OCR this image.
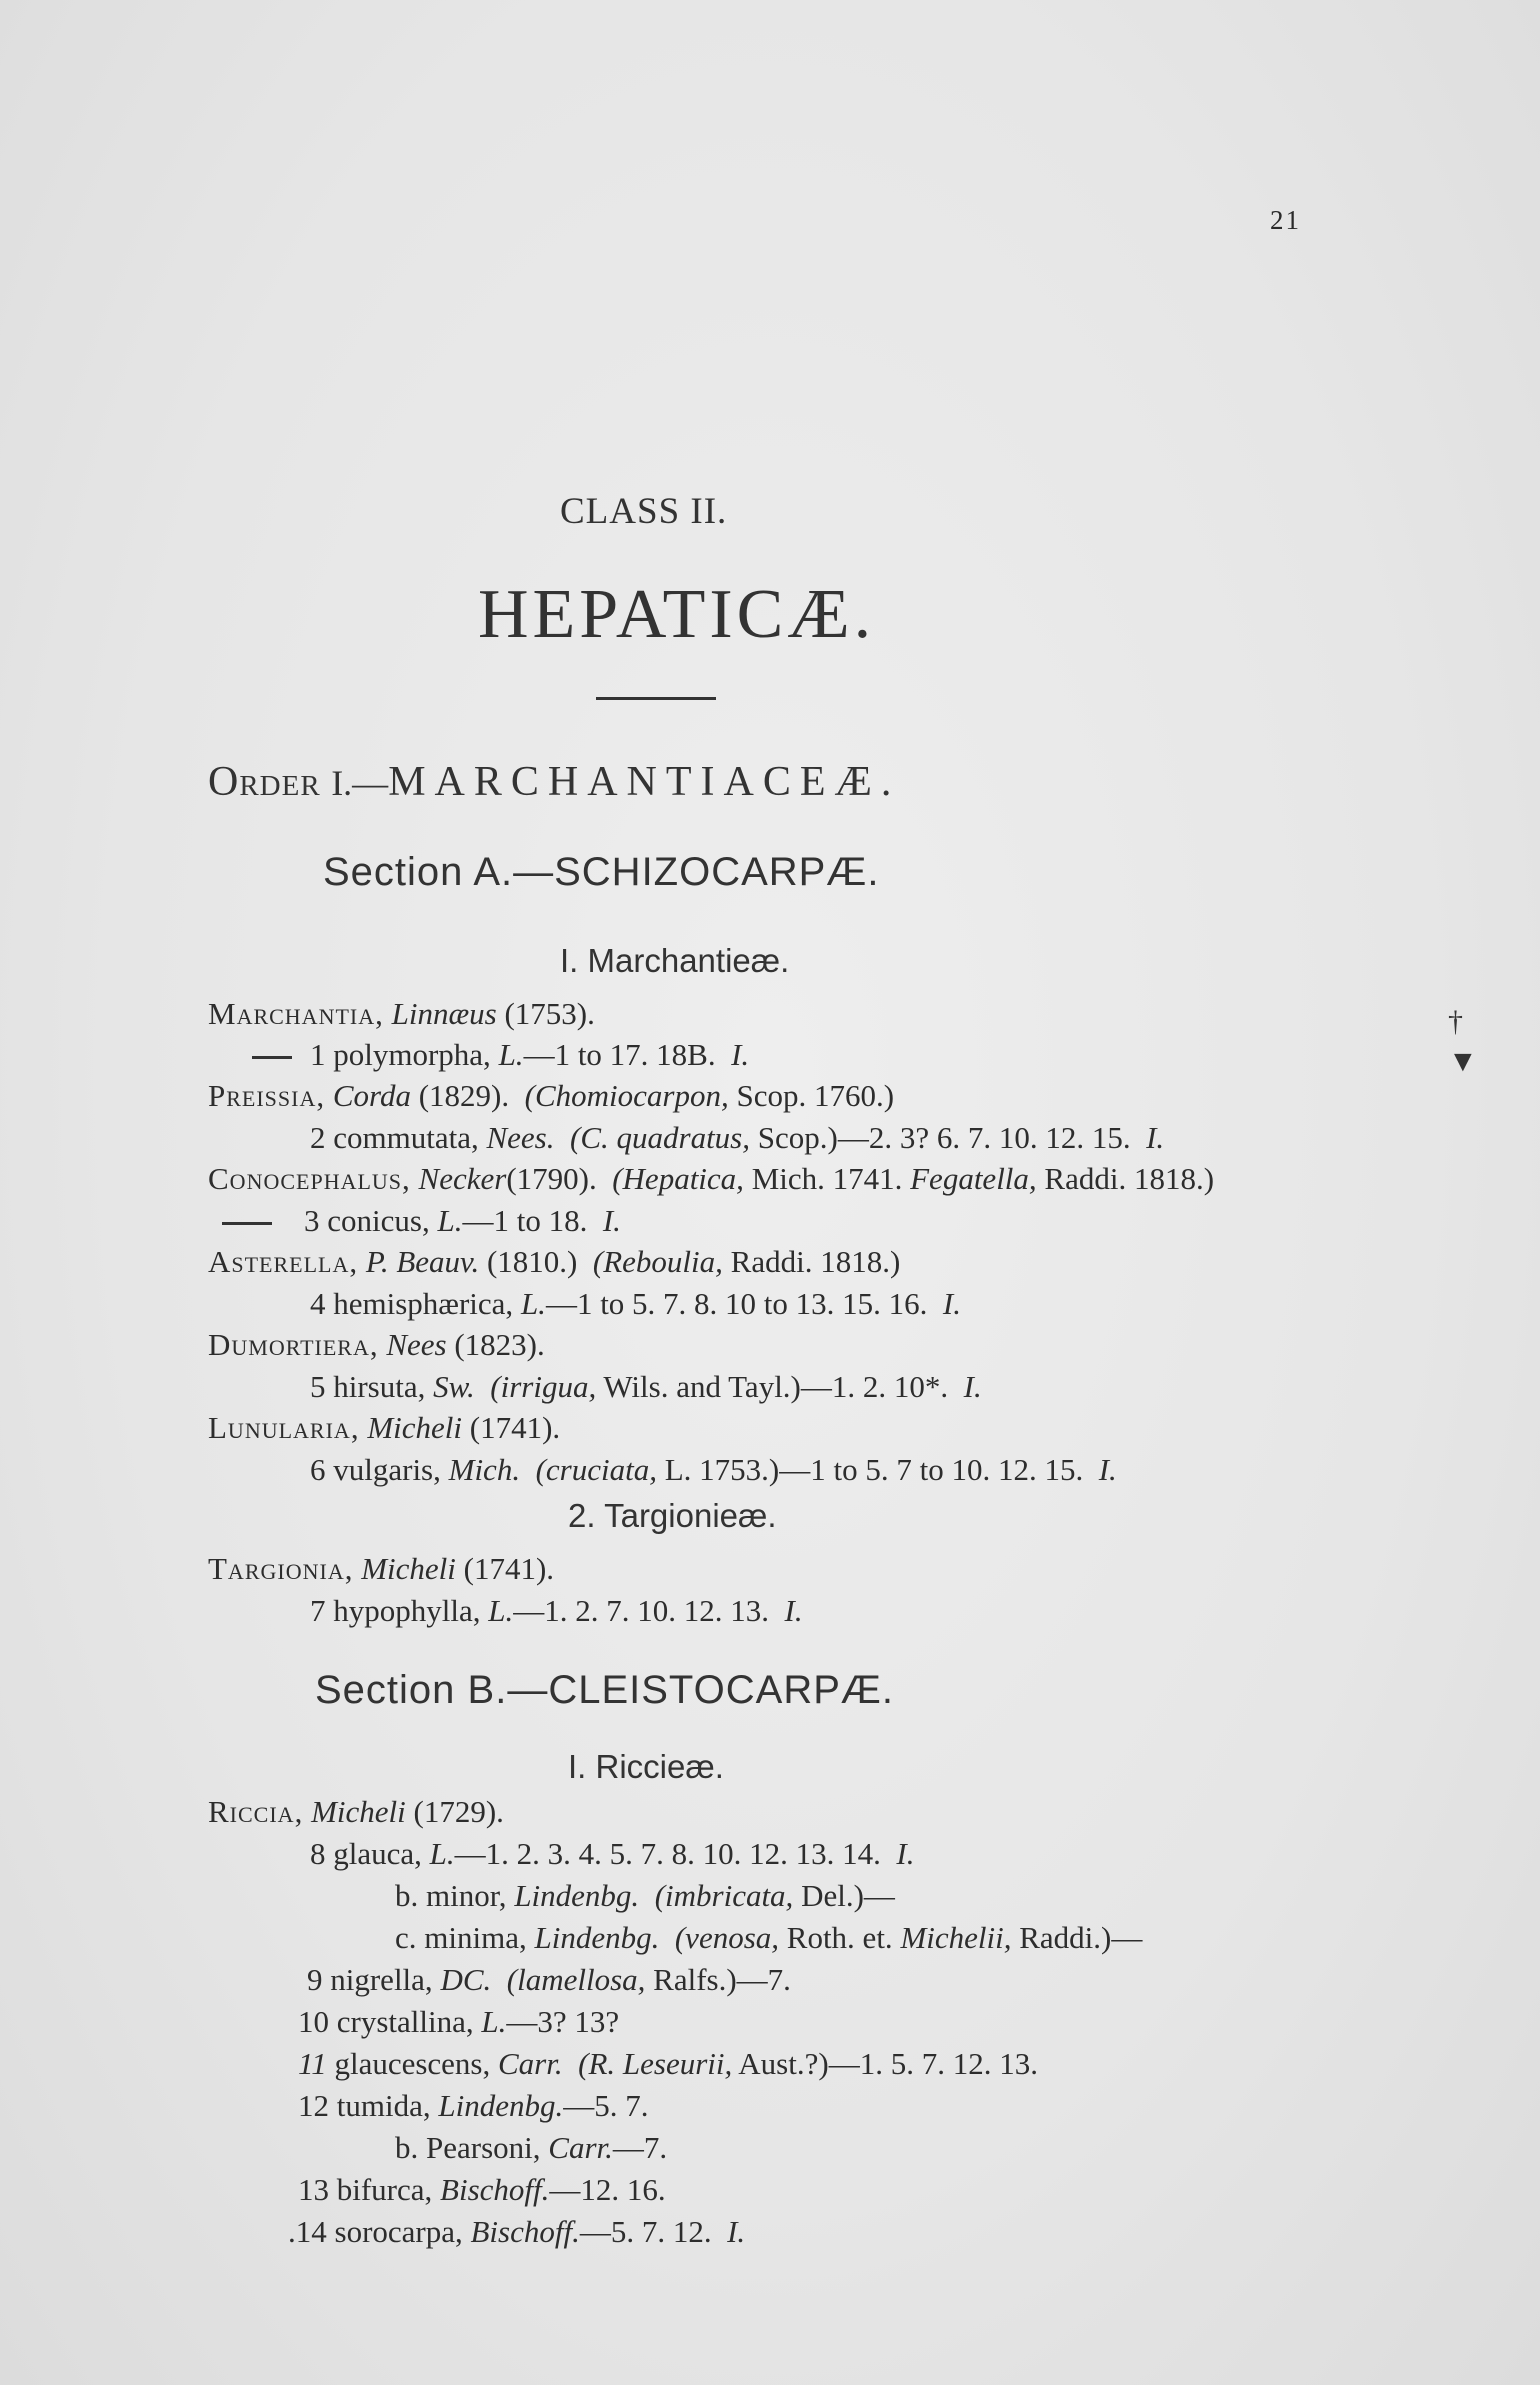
21
CLASS II.
HEPATICÆ.
Order I.—MARCHANTIACEÆ.
Section A.—SCHIZOCARPÆ.
I. Marchantieæ.
Marchantia, Linnæus (1753).
1 polymorpha, L.—1 to 17. 18B. I.
Preissia, Corda (1829). (Chomiocarpon, Scop. 1760.)
2 commutata, Nees. (C. quadratus, Scop.)—2. 3? 6. 7. 10. 12. 15. I.
Conocephalus, Necker(1790). (Hepatica, Mich. 1741. Fegatella, Raddi. 1818.)
3 conicus, L.—1 to 18. I.
Asterella, P. Beauv. (1810.) (Reboulia, Raddi. 1818.)
4 hemisphærica, L.—1 to 5. 7. 8. 10 to 13. 15. 16. I.
Dumortiera, Nees (1823).
5 hirsuta, Sw. (irrigua, Wils. and Tayl.)—1. 2. 10*. I.
Lunularia, Micheli (1741).
6 vulgaris, Mich. (cruciata, L. 1753.)—1 to 5. 7 to 10. 12. 15. I.
2. Targionieæ.
Targionia, Micheli (1741).
7 hypophylla, L.—1. 2. 7. 10. 12. 13. I.
Section B.—CLEISTOCARPÆ.
I. Riccieæ.
Riccia, Micheli (1729).
8 glauca, L.—1. 2. 3. 4. 5. 7. 8. 10. 12. 13. 14. I.
b. minor, Lindenbg. (imbricata, Del.)—
c. minima, Lindenbg. (venosa, Roth. et. Michelii, Raddi.)—
9 nigrella, DC. (lamellosa, Ralfs.)—7.
10 crystallina, L.—3? 13?
11 glaucescens, Carr. (R. Leseurii, Aust.?)—1. 5. 7. 12. 13.
12 tumida, Lindenbg.—5. 7.
b. Pearsoni, Carr.—7.
13 bifurca, Bischoff.—12. 16.
.14 sorocarpa, Bischoff.—5. 7. 12. I.
†
▼
